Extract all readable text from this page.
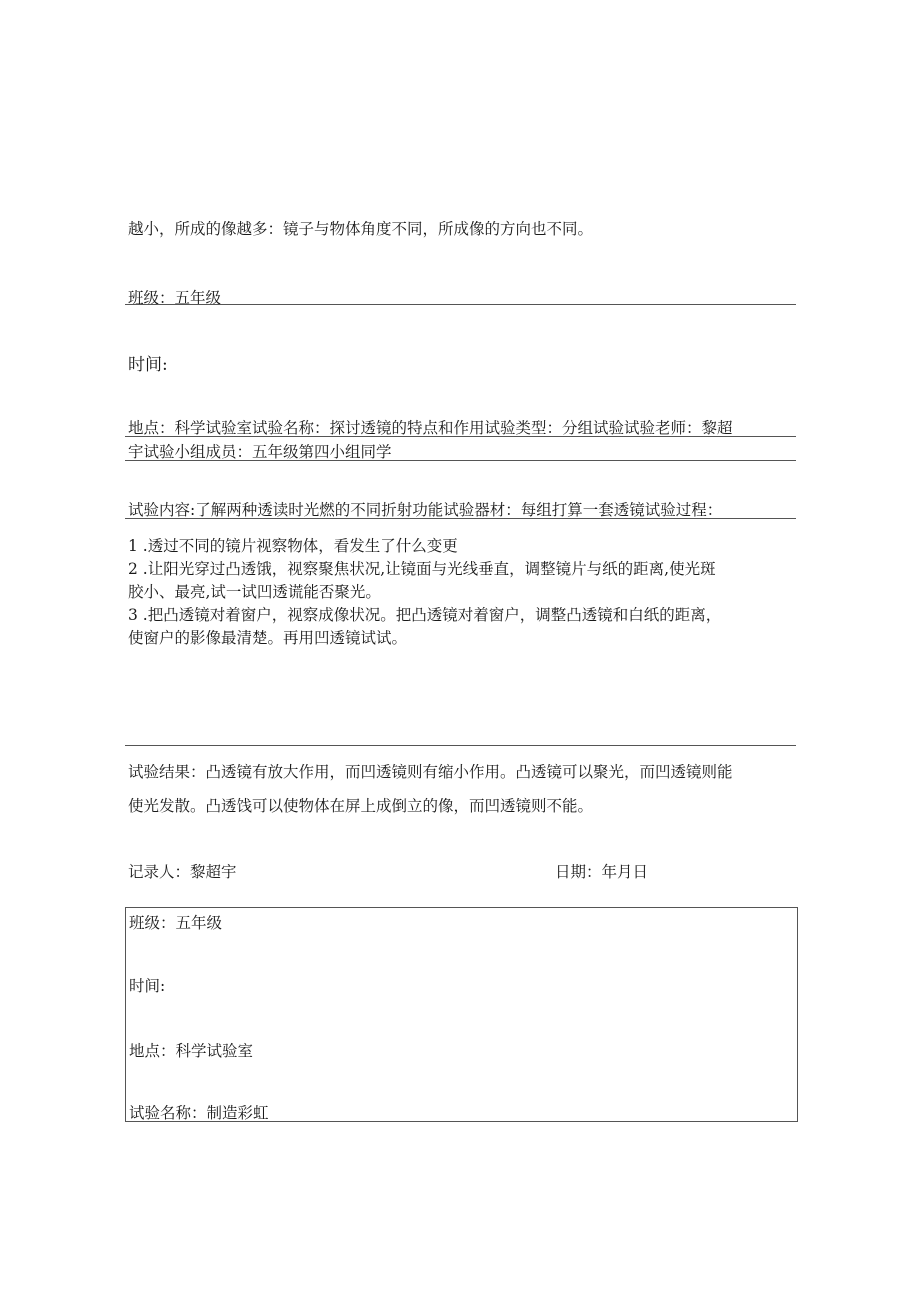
越小，所成的像越多：镜子与物体角度不同，所成像的方向也不同。
班级：五年级
时间:
地点：科学试验室试验名称：探讨透镜的特点和作用试验类型：分组试验试验老师：黎超
宇试验小组成员：五年级第四小组同学
试验内容:了解两种透读时光燃的不同折射功能试验器材：每组打算一套透镜试验过程：
1 .透过不同的镜片视察物体，看发生了什么变更
2 .让阳光穿过凸透饿，视察聚焦状况,让镜面与光线垂直，调整镜片与纸的距离,使光斑
胶小、最亮,试一试凹透谎能否聚光。
3 .把凸透镜对着窗户，视察成像状况。把凸透镜对着窗户，调整凸透镜和白纸的距离，
使窗户的影像最清楚。再用凹透镜试试。
试验结果：凸透镜有放大作用，而凹透镜则有缩小作用。凸透镜可以聚光，而凹透镜则能
使光发散。凸透饯可以使物体在屏上成倒立的像，而凹透镜则不能。
记录人：黎超宇	日期：年月日
班级：五年级
时间:
地点：科学试验室
试验名称：制造彩虹
